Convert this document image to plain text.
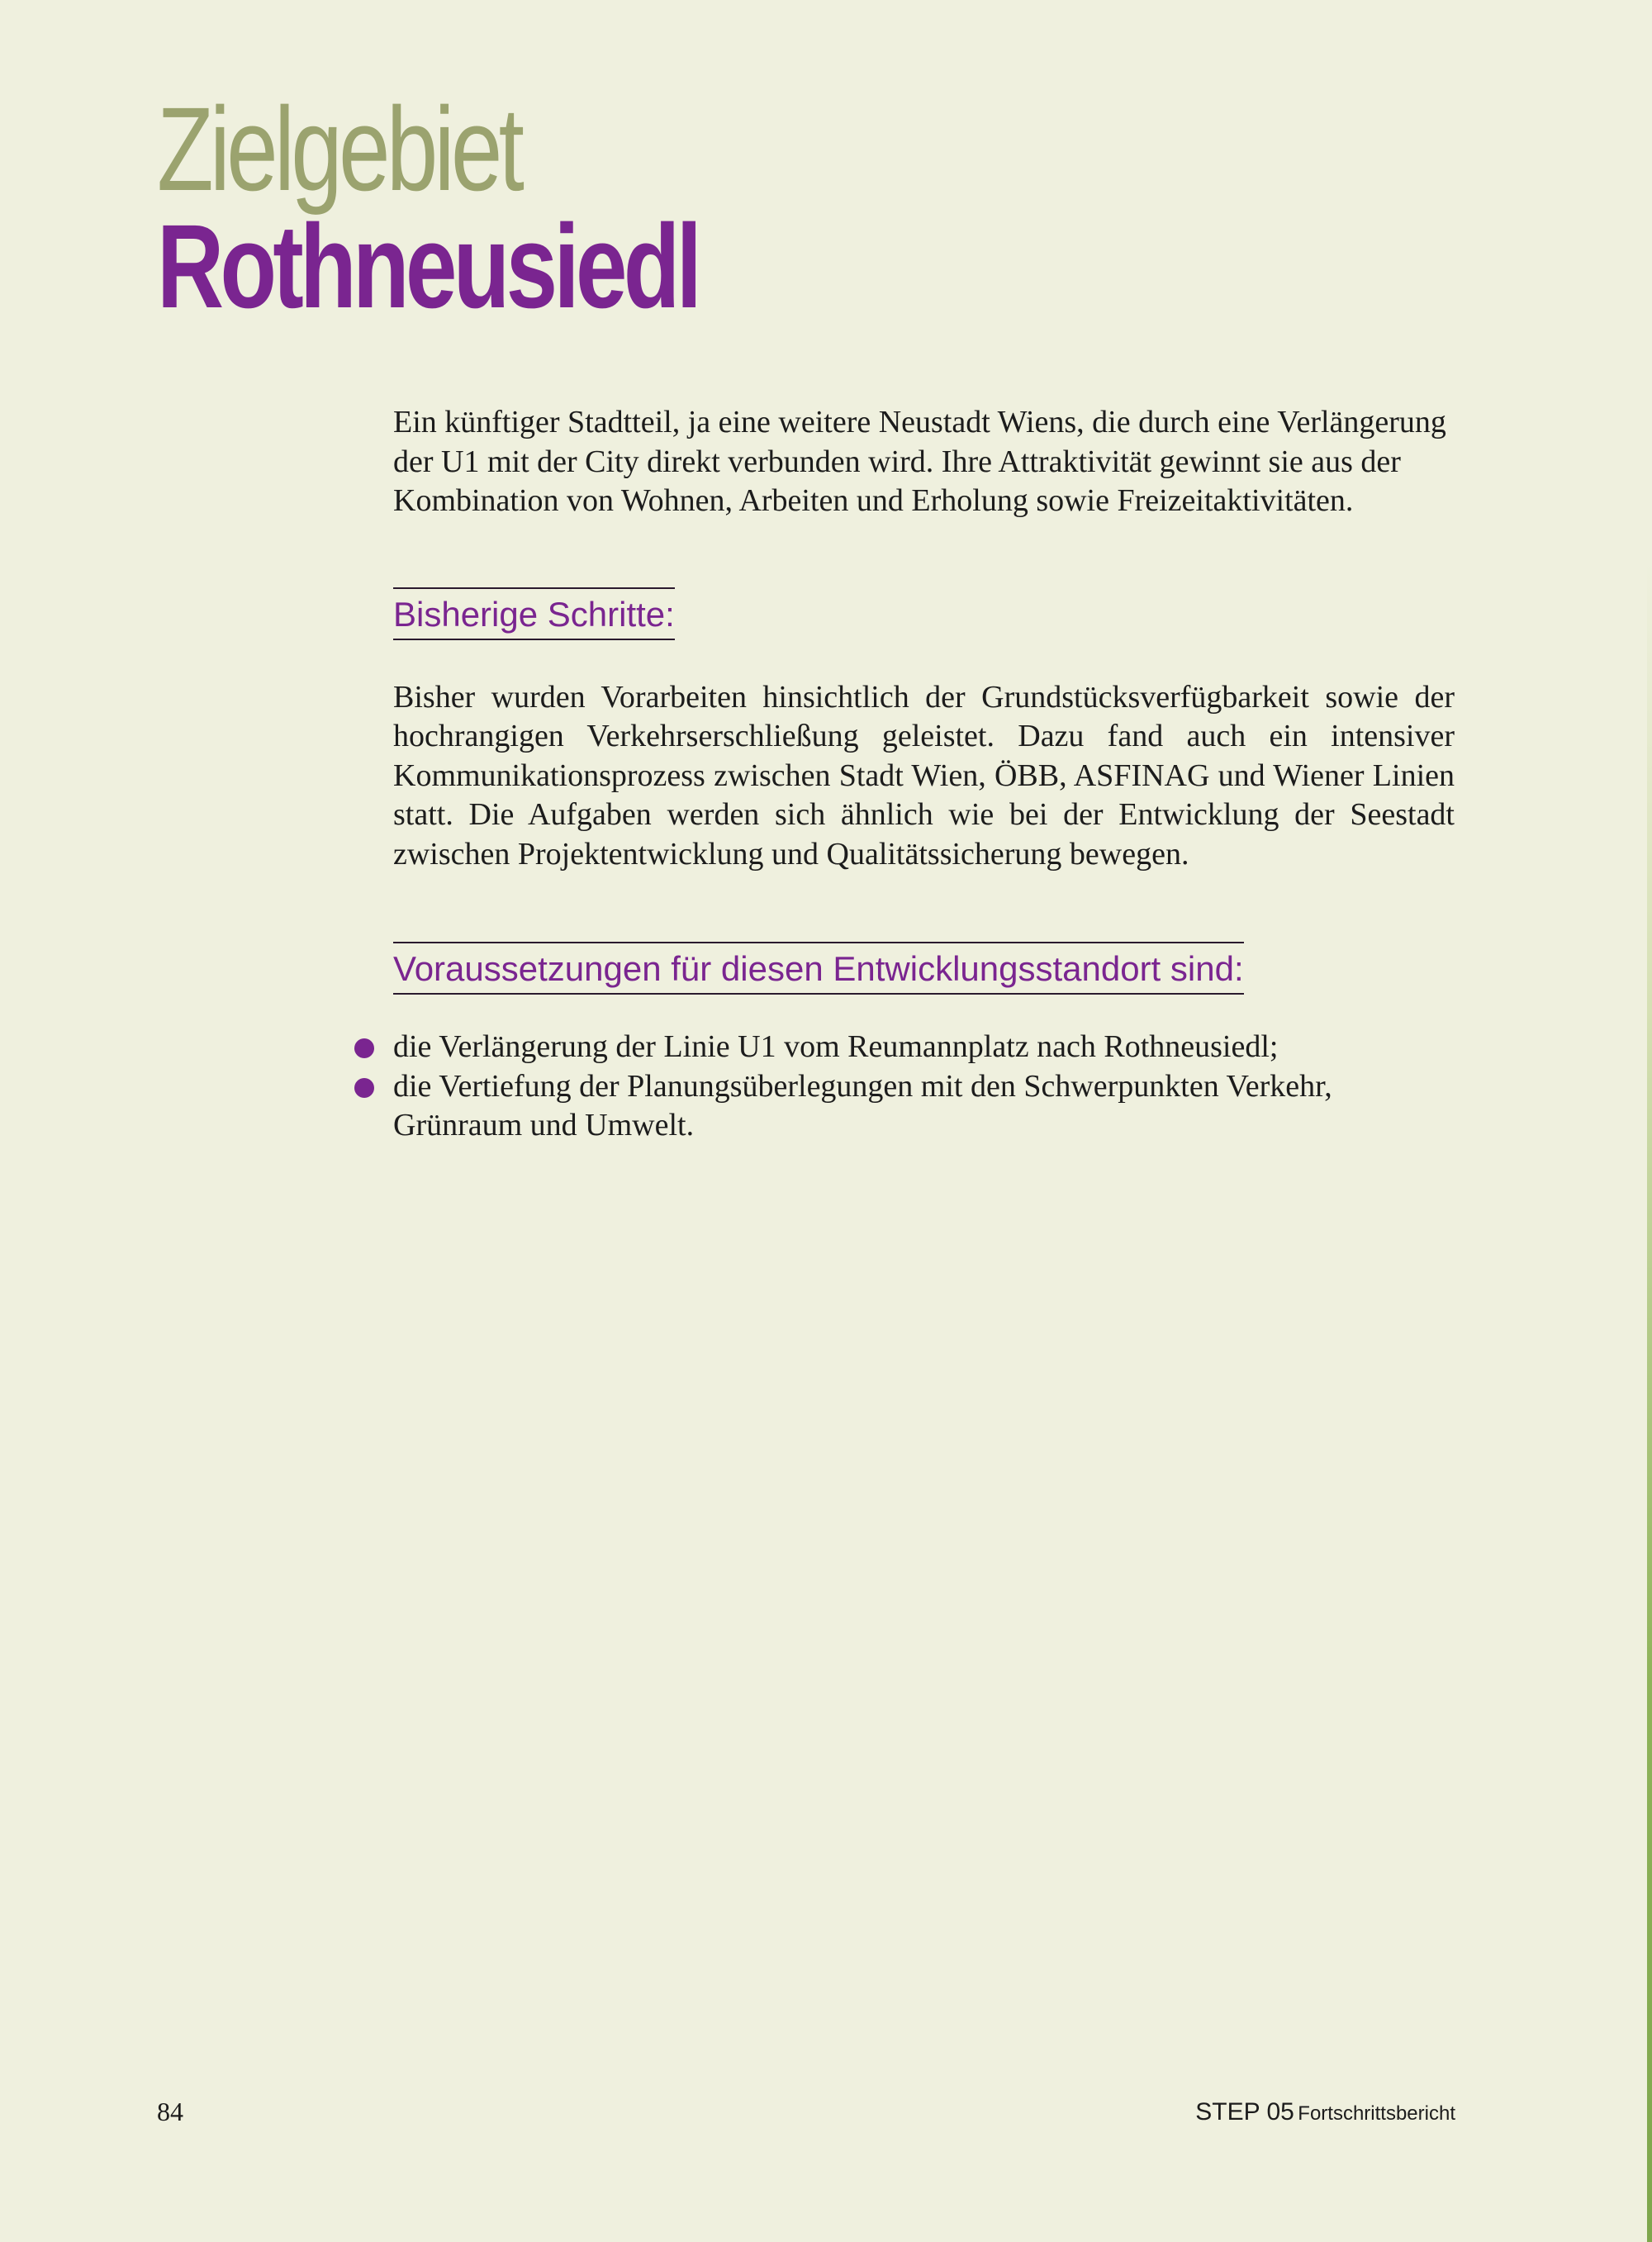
Zielgebiet
Rothneusiedl

Ein künftiger Stadtteil, ja eine weitere Neustadt Wiens, die durch eine Verlängerung der U1 mit der City direkt verbunden wird. Ihre Attraktivität gewinnt sie aus der Kombination von Wohnen, Arbeiten und Erholung sowie Freizeitaktivitäten.

Bisherige Schritte:

Bisher wurden Vorarbeiten hinsichtlich der Grundstücksverfügbarkeit sowie der hochrangigen Verkehrserschließung geleistet. Dazu fand auch ein intensiver Kommunikationsprozess zwischen Stadt Wien, ÖBB, ASFINAG und Wiener Linien statt. Die Aufgaben werden sich ähnlich wie bei der Entwicklung der Seestadt zwischen Projektentwicklung und Qualitätssicherung bewegen.

Voraussetzungen für diesen Entwicklungsstandort sind:
die Verlängerung der Linie U1 vom Reumannplatz nach Rothneusiedl;
die Vertiefung der Planungsüberlegungen mit den Schwerpunkten Verkehr, Grünraum und Umwelt.
84	STEP 05 Fortschrittsbericht
